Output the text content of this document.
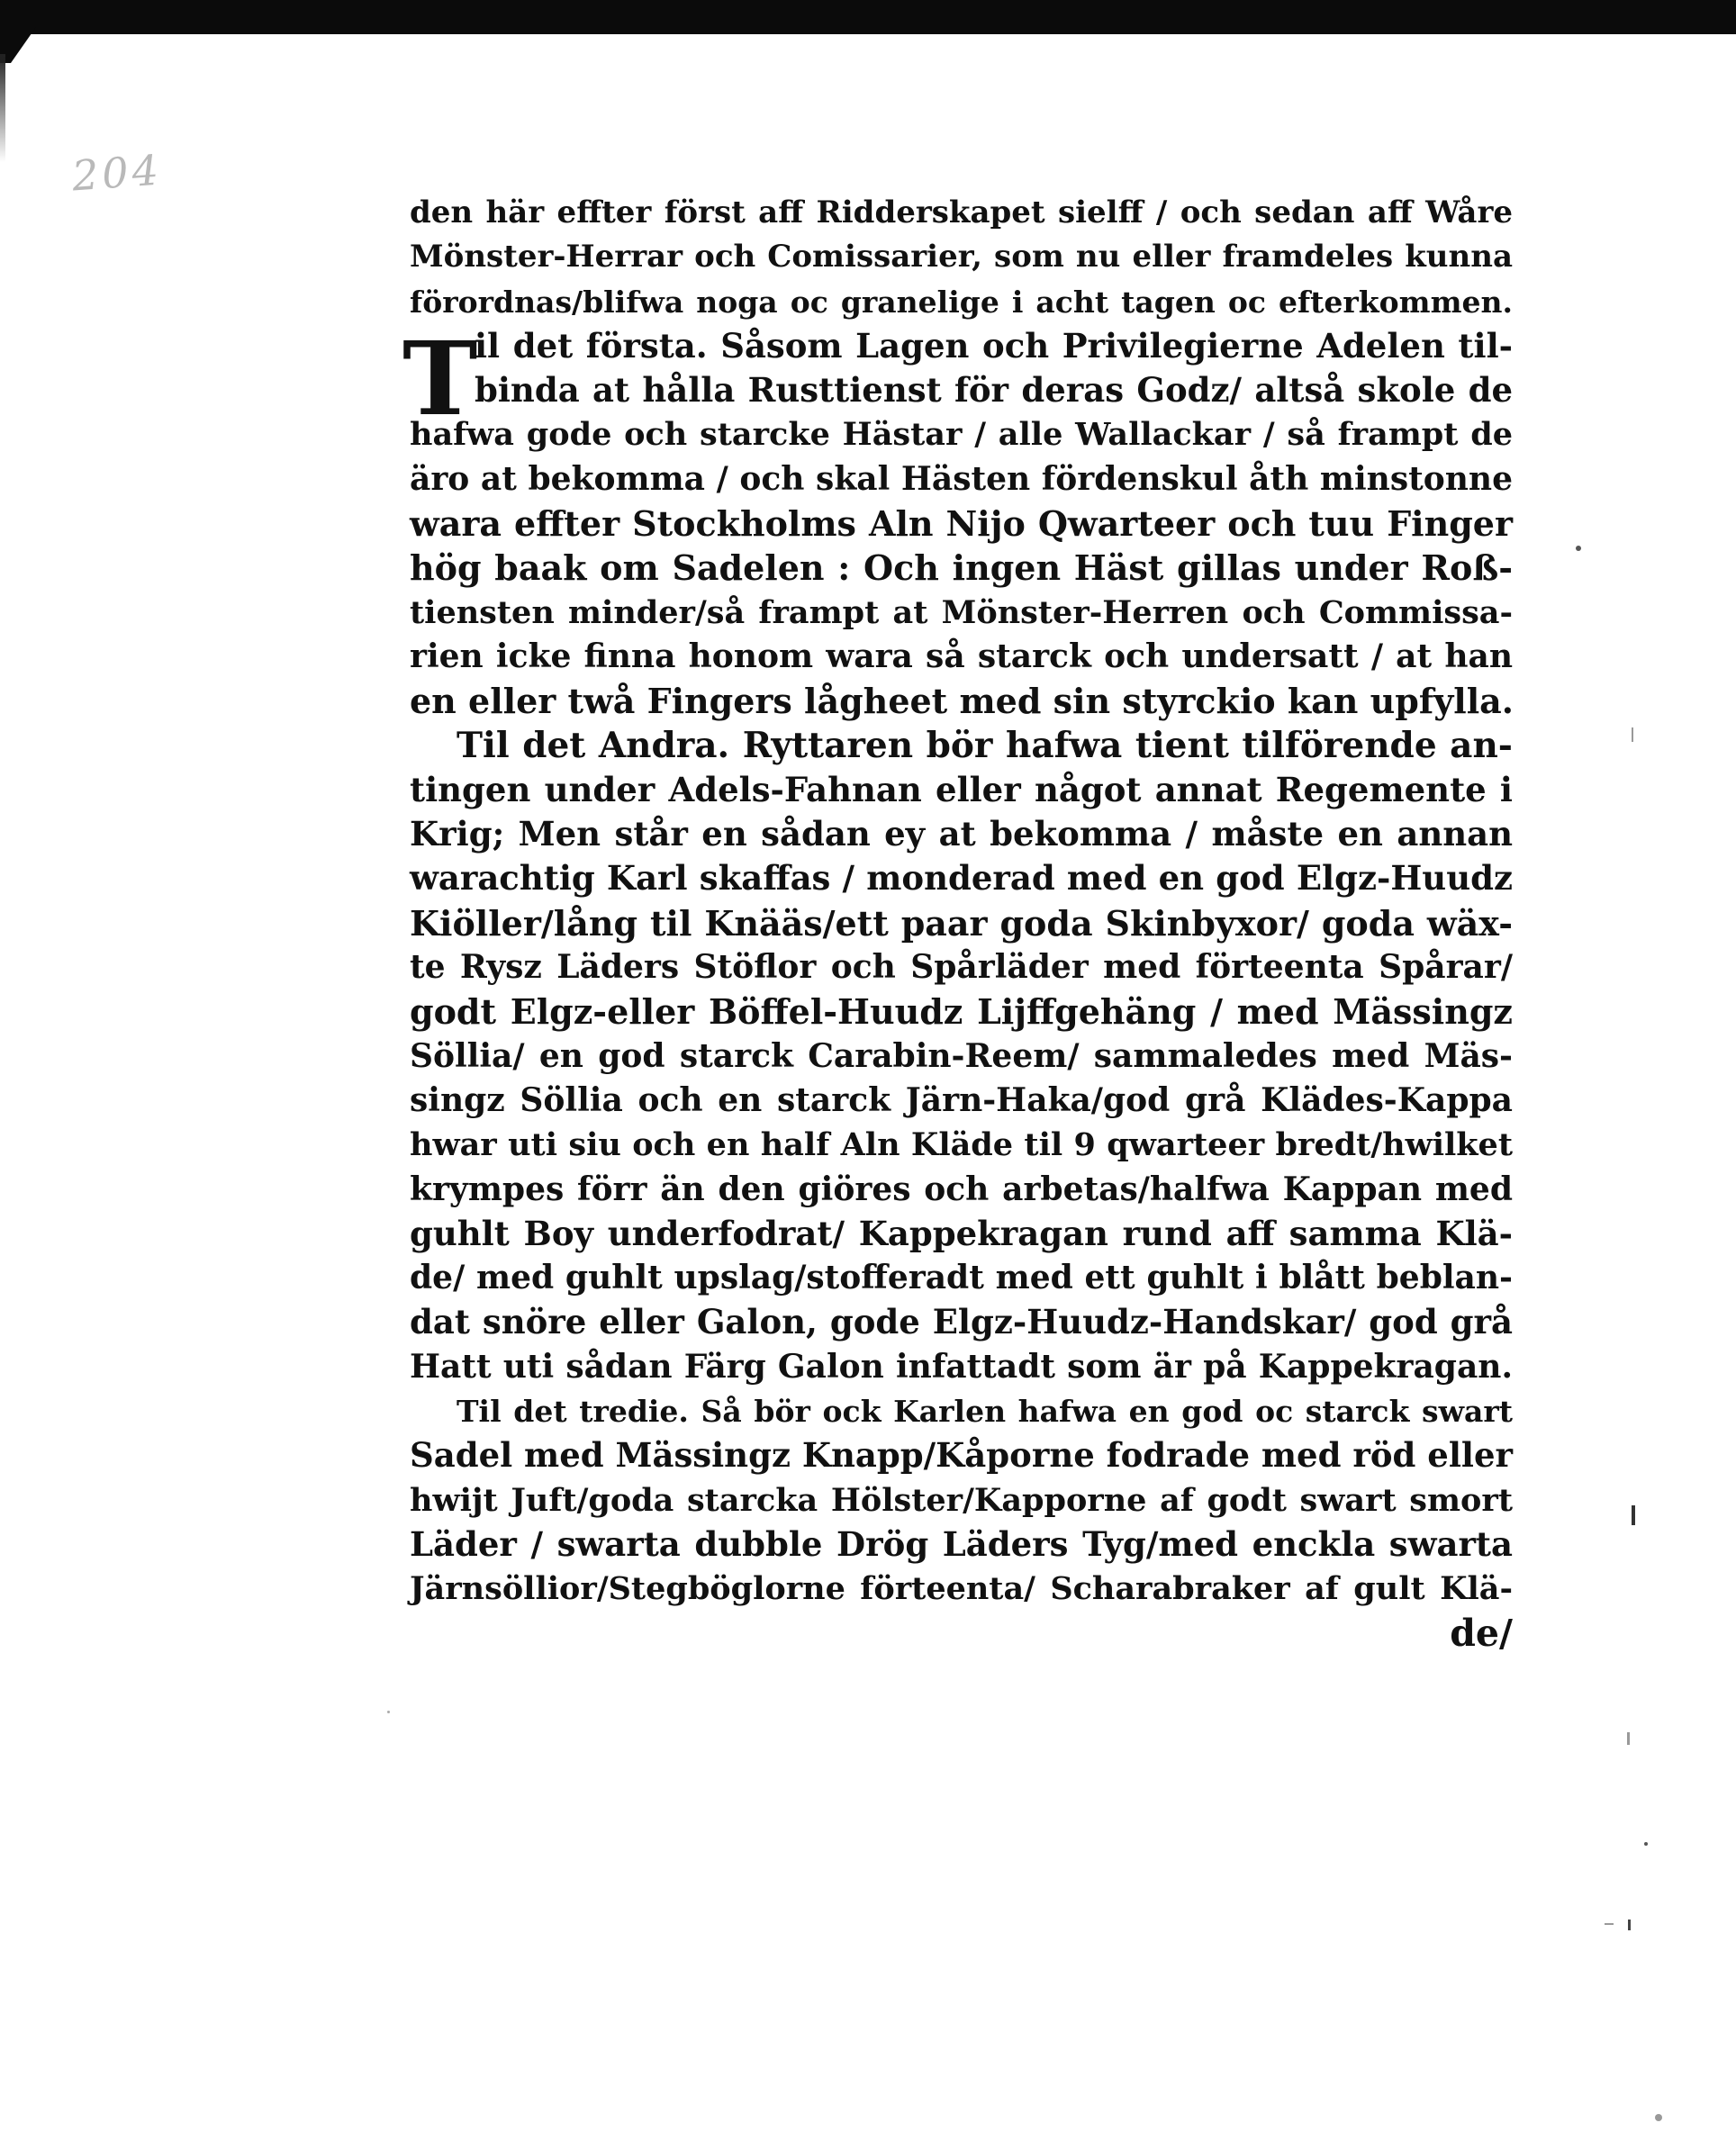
204
T
den här effter först aff Ridderskapet sielff / och sedan aff Wåre
Mönster-Herrar och Comissarier, som nu eller framdeles kunna
förordnas/blifwa noga oc granelige i acht tagen oc efterkommen.
il det första. Såsom Lagen och Privilegierne Adelen til-
binda at hålla Rusttienst för deras Godz/ altså skole de
hafwa gode och starcke Hästar / alle Wallackar / så frampt de
äro at bekomma / och skal Hästen fördenskul åth minstonne
wara effter Stockholms Aln Nijo Qwarteer och tuu Finger
hög baak om Sadelen : Och ingen Häst gillas under Roß-
tiensten minder/så frampt at Mönster-Herren och Commissa-
rien icke finna honom wara så starck och undersatt / at han
en eller twå Fingers lågheet med sin styrckio kan upfylla.
Til det Andra. Ryttaren bör hafwa tient tilförende an-
tingen under Adels-Fahnan eller något annat Regemente i
Krig; Men står en sådan ey at bekomma / måste en annan
warachtig Karl skaffas / monderad med en god Elgz-Huudz
Kiöller/lång til Knääs/ett paar goda Skinbyxor/ goda wäx-
te Rysz Läders Stöflor och Spårläder med förteenta Spårar/
godt Elgz-eller Böffel-Huudz Lijffgehäng / med Mässingz
Söllia/ en god starck Carabin-Reem/ sammaledes med Mäs-
singz Söllia och en starck Järn-Haka/god grå Klädes-Kappa
hwar uti siu och en half Aln Kläde til 9 qwarteer bredt/hwilket
krympes förr än den giöres och arbetas/halfwa Kappan med
guhlt Boy underfodrat/ Kappekragan rund aff samma Klä-
de/ med guhlt upslag/stofferadt med ett guhlt i blått beblan-
dat snöre eller Galon, gode Elgz-Huudz-Handskar/ god grå
Hatt uti sådan Färg Galon infattadt som är på Kappekragan.
Til det tredie. Så bör ock Karlen hafwa en god oc starck swart
Sadel med Mässingz Knapp/Kåporne fodrade med röd eller
hwijt Juft/goda starcka Hölster/Kapporne af godt swart smort
Läder / swarta dubble Drög Läders Tyg/med enckla swarta
Järnsöllior/Stegböglorne förteenta/ Scharabraker af gult Klä-
de/
